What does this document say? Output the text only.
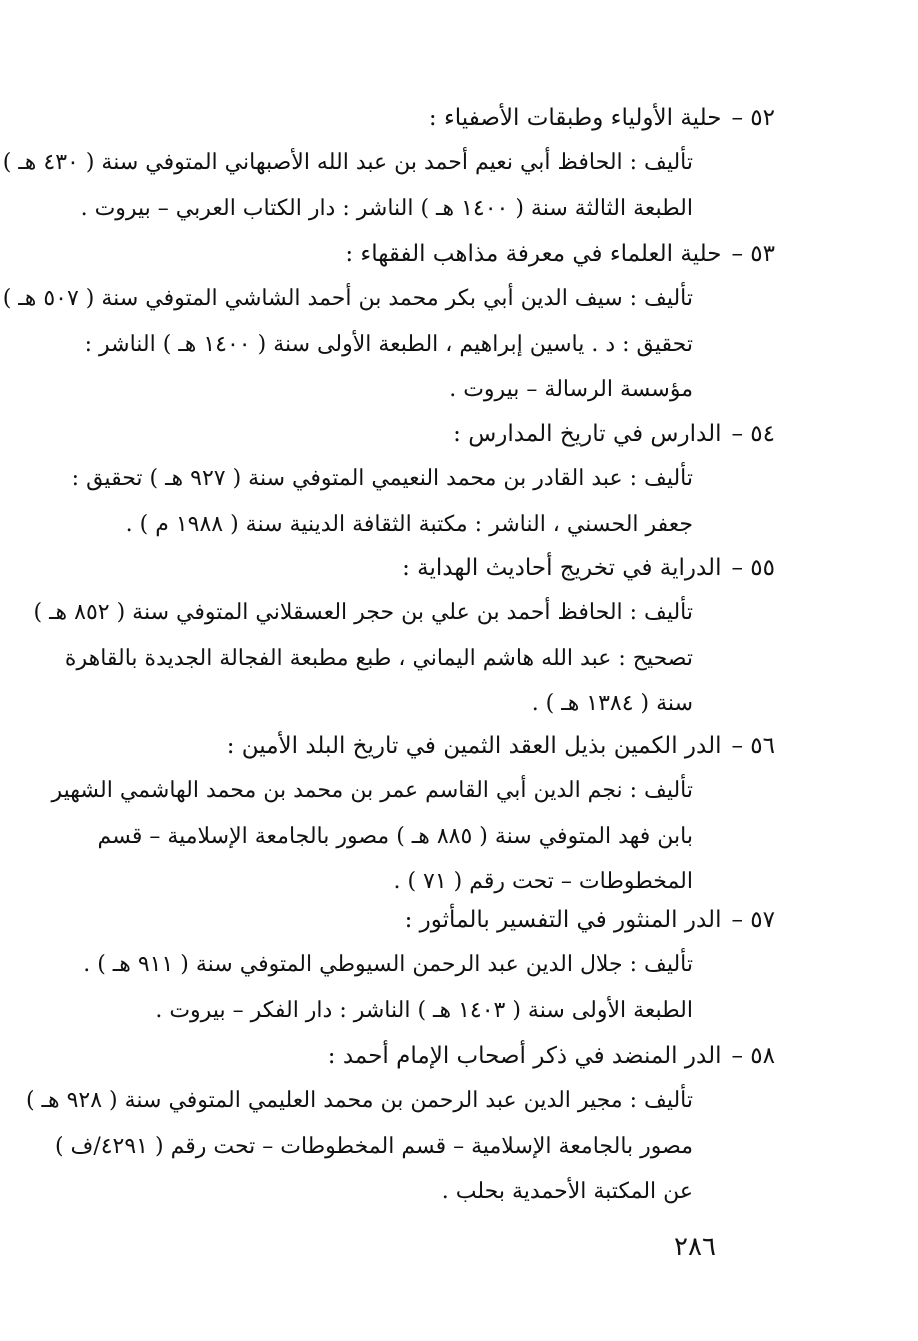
٥٢ –حلية الأولياء وطبقات الأصفياء :
تأليف : الحافظ أبي نعيم أحمد بن عبد الله الأصبهاني المتوفي سنة ( ٤٣٠ هـ )
الطبعة الثالثة سنة ( ١٤٠٠ هـ ) الناشر : دار الكتاب العربي – بيروت .
٥٣ –حلية العلماء في معرفة مذاهب الفقهاء :
تأليف : سيف الدين أبي بكر محمد بن أحمد الشاشي المتوفي سنة ( ٥٠٧ هـ )
تحقيق : د . ياسين إبراهيم ، الطبعة الأولى سنة ( ١٤٠٠ هـ ) الناشر :
مؤسسة الرسالة – بيروت .
٥٤ –الدارس في تاريخ المدارس :
تأليف : عبد القادر بن محمد النعيمي المتوفي سنة ( ٩٢٧ هـ ) تحقيق :
جعفر الحسني ، الناشر : مكتبة الثقافة الدينية سنة ( ١٩٨٨ م ) .
٥٥ –الدراية في تخريج أحاديث الهداية :
تأليف : الحافظ أحمد بن علي بن حجر العسقلاني المتوفي سنة ( ٨٥٢ هـ )
تصحيح : عبد الله هاشم اليماني ، طبع مطبعة الفجالة الجديدة بالقاهرة
سنة ( ١٣٨٤ هـ ) .
٥٦ –الدر الكمين بذيل العقد الثمين في تاريخ البلد الأمين :
تأليف : نجم الدين أبي القاسم عمر بن محمد بن محمد الهاشمي الشهير
بابن فهد المتوفي سنة ( ٨٨٥ هـ ) مصور بالجامعة الإسلامية – قسم
المخطوطات – تحت رقم ( ٧١ ) .
٥٧ –الدر المنثور في التفسير بالمأثور :
تأليف : جلال الدين عبد الرحمن السيوطي المتوفي سنة ( ٩١١ هـ ) .
الطبعة الأولى سنة ( ١٤٠٣ هـ ) الناشر : دار الفكر – بيروت .
٥٨ –الدر المنضد في ذكر أصحاب الإمام أحمد :
تأليف : مجير الدين عبد الرحمن بن محمد العليمي المتوفي سنة ( ٩٢٨ هـ )
مصور بالجامعة الإسلامية – قسم المخطوطات – تحت رقم ( ٤٢٩١/ف )
عن المكتبة الأحمدية بحلب .
٢٨٦
